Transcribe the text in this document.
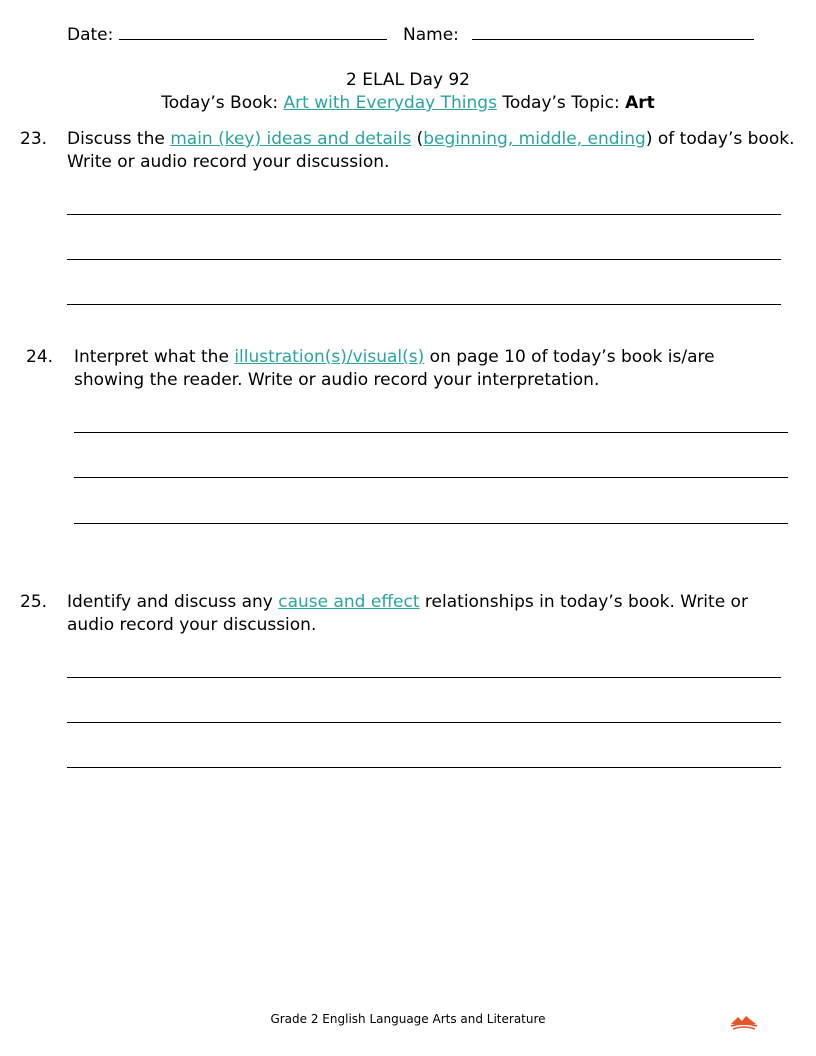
Date:	Name:
2 ELAL Day 92
Today’s Book: Art with Everyday Things Today’s Topic: Art
23. Discuss the main (key) ideas and details (beginning, middle, ending) of today’s book.
Write or audio record your discussion.
24. Interpret what the illustration(s)/visual(s) on page 10 of today’s book is/are
showing the reader. Write or audio record your interpretation.
25. Identify and discuss any cause and effect relationships in today’s book. Write or
audio record your discussion.
Grade 2 English Language Arts and Literature
